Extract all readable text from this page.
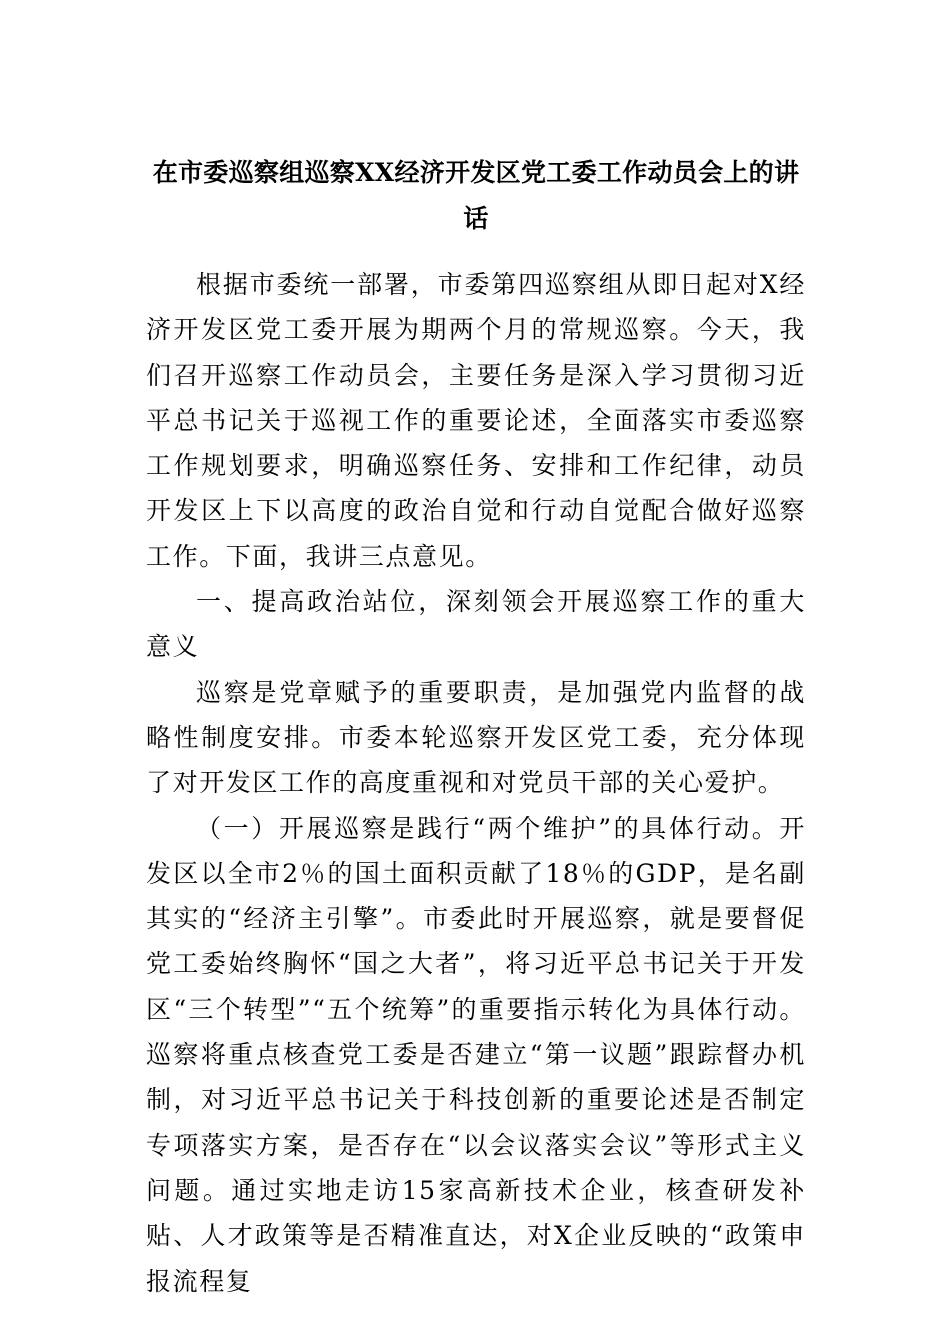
在市委巡察组巡察XX经济开发区党工委工作动员会上的讲话

根据市委统一部署，市委第四巡察组从即日起对X经济开发区党工委开展为期两个月的常规巡察。今天，我们召开巡察工作动员会，主要任务是深入学习贯彻习近平总书记关于巡视工作的重要论述，全面落实市委巡察工作规划要求，明确巡察任务、安排和工作纪律，动员开发区上下以高度的政治自觉和行动自觉配合做好巡察工作。下面，我讲三点意见。

一、提高政治站位，深刻领会开展巡察工作的重大意义

巡察是党章赋予的重要职责，是加强党内监督的战略性制度安排。市委本轮巡察开发区党工委，充分体现了对开发区工作的高度重视和对党员干部的关心爱护。

（一）开展巡察是践行“两个维护”的具体行动。开发区以全市2％的国土面积贡献了18％的GDP，是名副其实的“经济主引擎”。市委此时开展巡察，就是要督促党工委始终胸怀“国之大者”，将习近平总书记关于开发区“三个转型”“五个统筹”的重要指示转化为具体行动。巡察将重点核查党工委是否建立“第一议题”跟踪督办机制，对习近平总书记关于科技创新的重要论述是否制定专项落实方案，是否存在“以会议落实会议”等形式主义问题。通过实地走访15家高新技术企业，核查研发补贴、人才政策等是否精准直达，对X企业反映的“政策申报流程复
